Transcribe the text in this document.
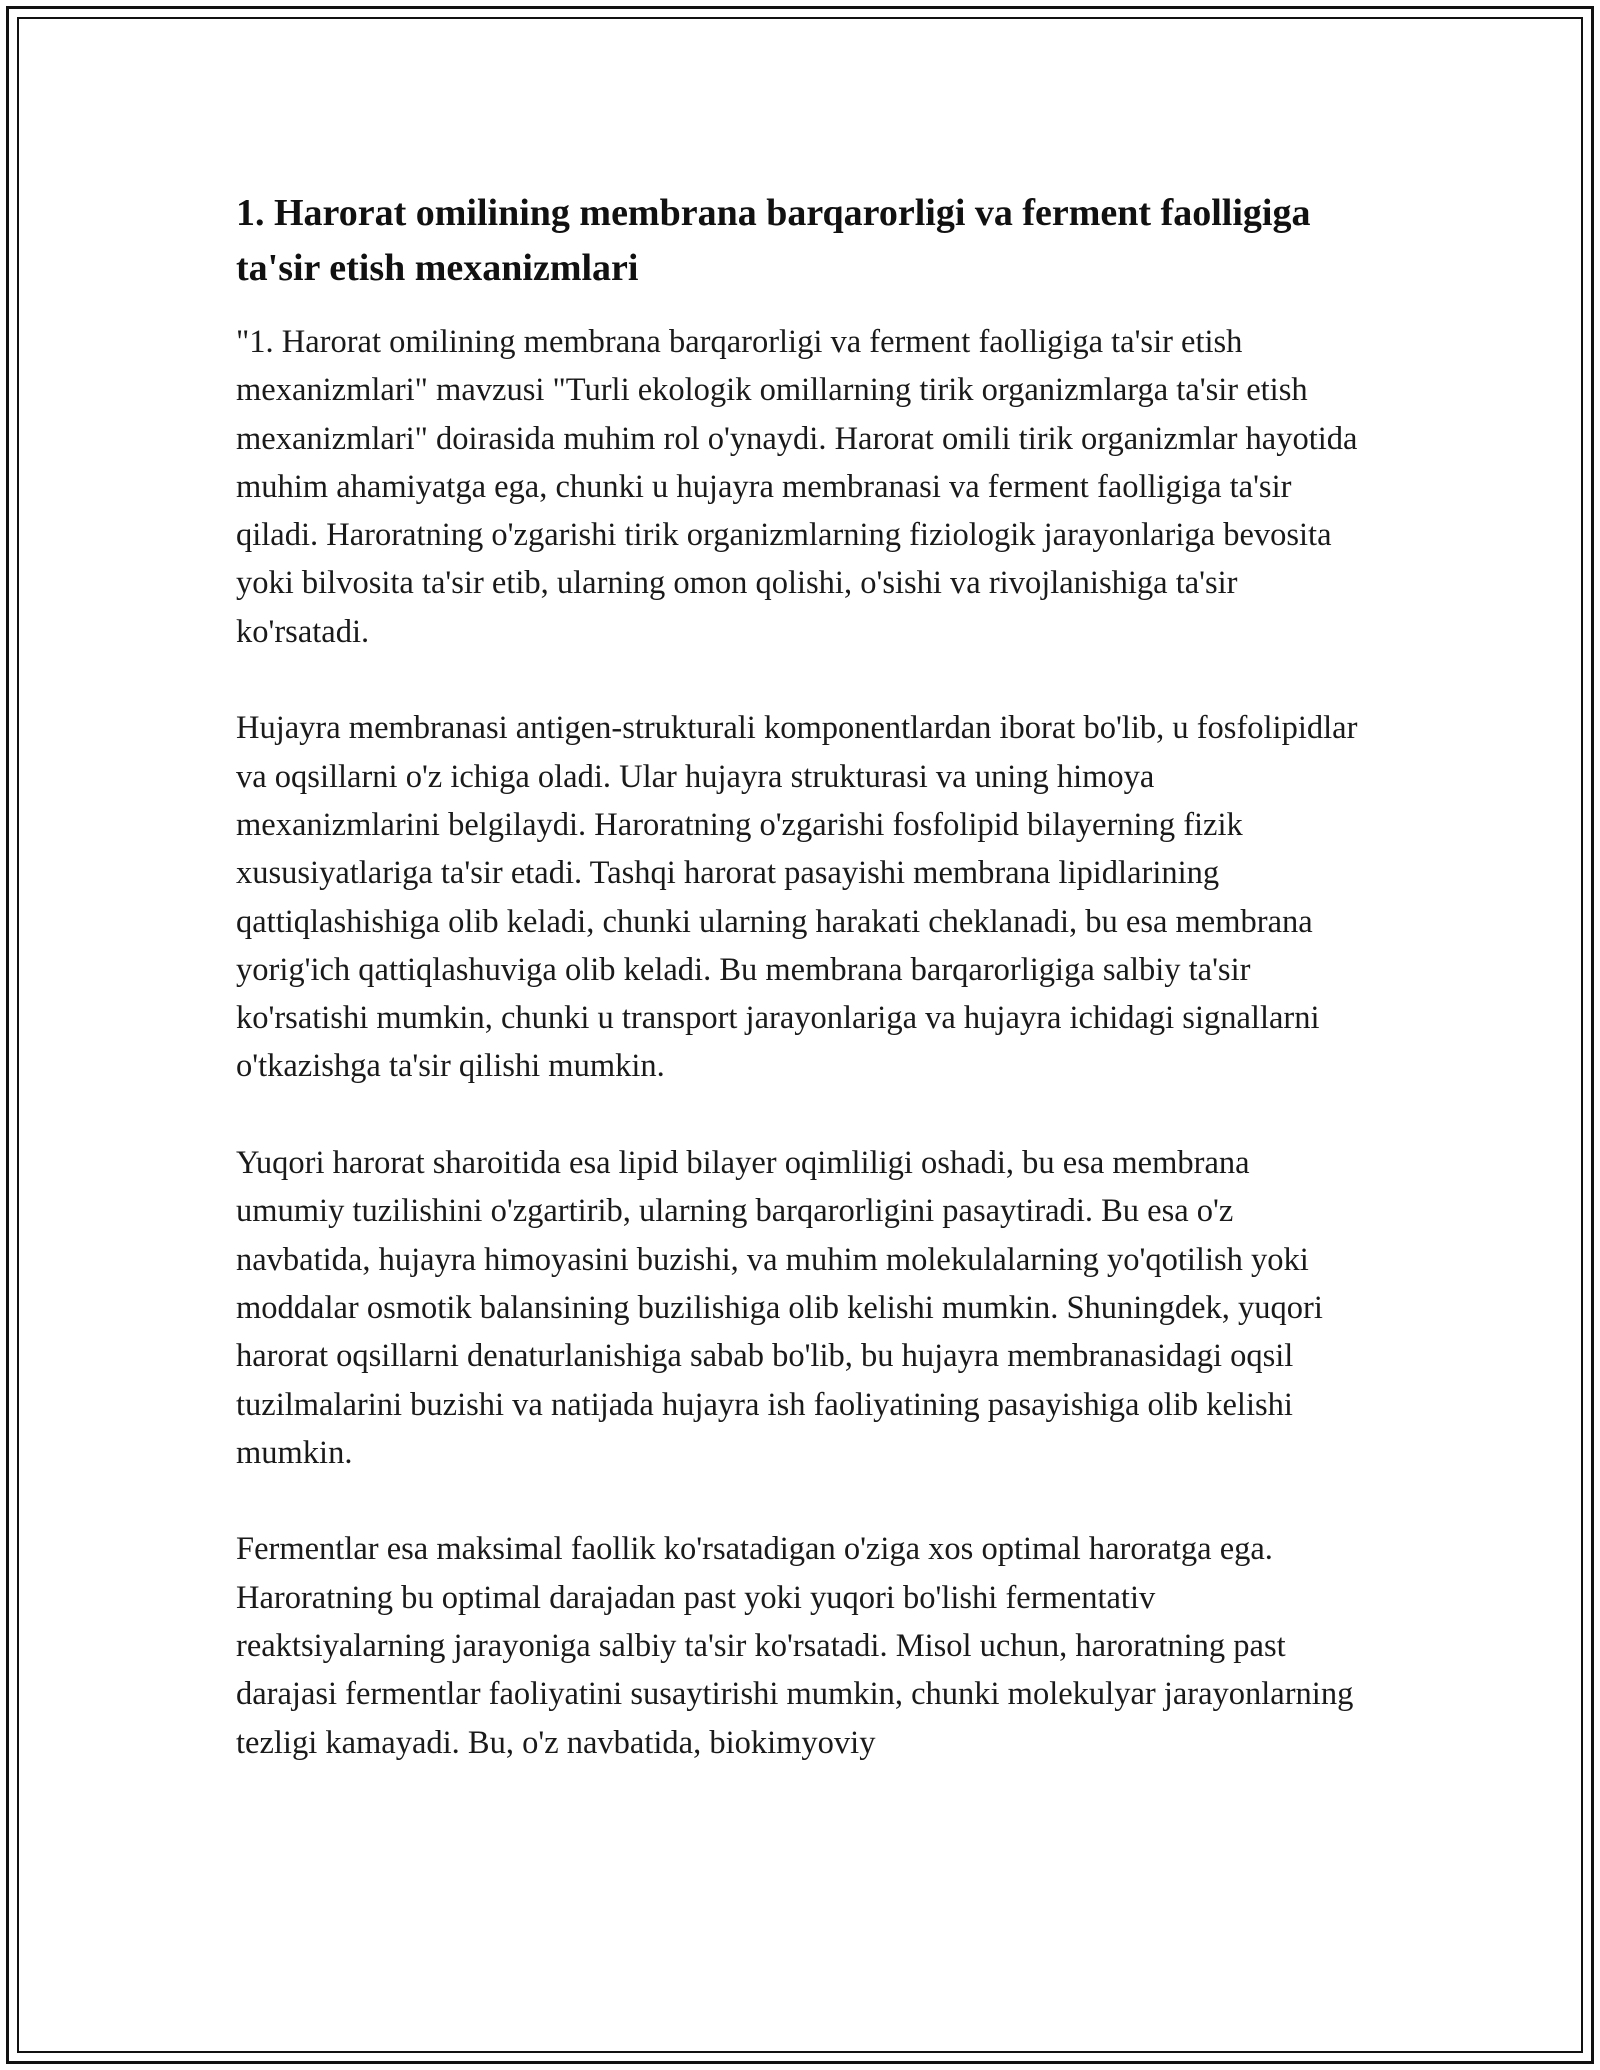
1. Harorat omilining membrana barqarorligi va ferment faolligiga ta'sir etish mexanizmlari

"1. Harorat omilining membrana barqarorligi va ferment faolligiga ta'sir etish mexanizmlari" mavzusi "Turli ekologik omillarning tirik organizmlarga ta'sir etish mexanizmlari" doirasida muhim rol o'ynaydi. Harorat omili tirik organizmlar hayotida muhim ahamiyatga ega, chunki u hujayra membranasi va ferment faolligiga ta'sir qiladi. Haroratning o'zgarishi tirik organizmlarning fiziologik jarayonlariga bevosita yoki bilvosita ta'sir etib, ularning omon qolishi, o'sishi va rivojlanishiga ta'sir ko'rsatadi.

Hujayra membranasi antigen-strukturali komponentlardan iborat bo'lib, u fosfolipidlar va oqsillarni o'z ichiga oladi. Ular hujayra strukturasi va uning himoya mexanizmlarini belgilaydi. Haroratning o'zgarishi fosfolipid bilayerning fizik xususiyatlariga ta'sir etadi. Tashqi harorat pasayishi membrana lipidlarining qattiqlashishiga olib keladi, chunki ularning harakati cheklanadi, bu esa membrana yorig'ich qattiqlashuviga olib keladi. Bu membrana barqarorligiga salbiy ta'sir ko'rsatishi mumkin, chunki u transport jarayonlariga va hujayra ichidagi signallarni o'tkazishga ta'sir qilishi mumkin.

Yuqori harorat sharoitida esa lipid bilayer oqimliligi oshadi, bu esa membrana umumiy tuzilishini o'zgartirib, ularning barqarorligini pasaytiradi. Bu esa o'z navbatida, hujayra himoyasini buzishi, va muhim molekulalarning yo'qotilish yoki moddalar osmotik balansining buzilishiga olib kelishi mumkin. Shuningdek, yuqori harorat oqsillarni denaturlanishiga sabab bo'lib, bu hujayra membranasidagi oqsil tuzilmalarini buzishi va natijada hujayra ish faoliyatining pasayishiga olib kelishi mumkin.

Fermentlar esa maksimal faollik ko'rsatadigan o'ziga xos optimal haroratga ega. Haroratning bu optimal darajadan past yoki yuqori bo'lishi fermentativ reaktsiyalarning jarayoniga salbiy ta'sir ko'rsatadi. Misol uchun, haroratning past darajasi fermentlar faoliyatini susaytirishi mumkin, chunki molekulyar jarayonlarning tezligi kamayadi. Bu, o'z navbatida, biokimyoviy
